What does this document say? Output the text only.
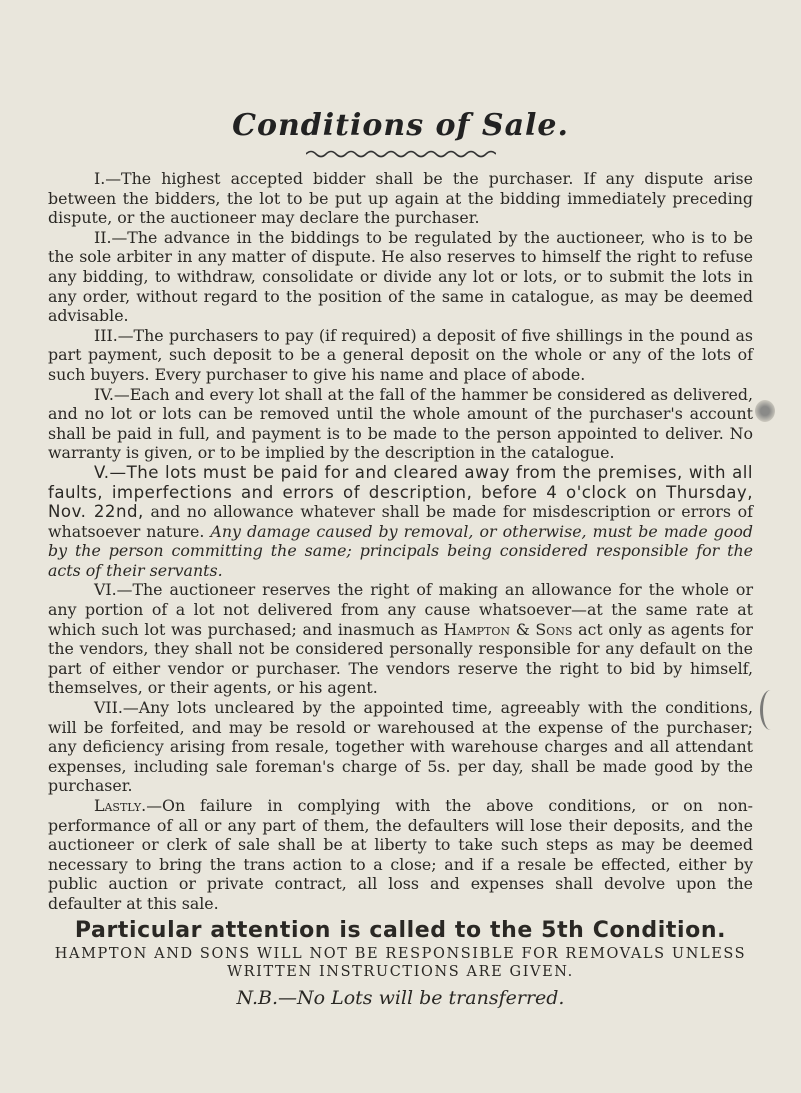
Conditions of Sale.

I.—The highest accepted bidder shall be the purchaser. If any dispute arise between the bidders, the lot to be put up again at the bidding immediately preceding dispute, or the auctioneer may declare the purchaser.

II.—The advance in the biddings to be regulated by the auctioneer, who is to be the sole arbiter in any matter of dispute. He also reserves to himself the right to refuse any bidding, to withdraw, consolidate or divide any lot or lots, or to submit the lots in any order, without regard to the position of the same in catalogue, as may be deemed advisable.

III.—The purchasers to pay (if required) a deposit of five shillings in the pound as part payment, such deposit to be a general deposit on the whole or any of the lots of such buyers. Every purchaser to give his name and place of abode.

IV.—Each and every lot shall at the fall of the hammer be considered as delivered, and no lot or lots can be removed until the whole amount of the purchaser's account shall be paid in full, and payment is to be made to the person appointed to deliver. No warranty is given, or to be implied by the description in the catalogue.

V.—The lots must be paid for and cleared away from the premises, with all faults, imperfections and errors of description, before 4 o'clock on Thursday, Nov. 22nd, and no allowance whatever shall be made for misdescription or errors of whatsoever nature. Any damage caused by removal, or otherwise, must be made good by the person committing the same; principals being considered responsible for the acts of their servants.

VI.—The auctioneer reserves the right of making an allowance for the whole or any portion of a lot not delivered from any cause whatsoever—at the same rate at which such lot was purchased; and inasmuch as Hampton & Sons act only as agents for the vendors, they shall not be considered personally responsible for any default on the part of either vendor or purchaser. The vendors reserve the right to bid by himself, themselves, or their agents, or his agent.

VII.—Any lots uncleared by the appointed time, agreeably with the conditions, will be forfeited, and may be resold or warehoused at the expense of the purchaser; any deficiency arising from resale, together with warehouse charges and all attendant expenses, including sale foreman's charge of 5s. per day, shall be made good by the purchaser.

Lastly.—On failure in complying with the above conditions, or on non-performance of all or any part of them, the defaulters will lose their deposits, and the auctioneer or clerk of sale shall be at liberty to take such steps as may be deemed necessary to bring the trans action to a close; and if a resale be effected, either by public auction or private contract, all loss and expenses shall devolve upon the defaulter at this sale.

Particular attention is called to the 5th Condition.

HAMPTON AND SONS WILL NOT BE RESPONSIBLE FOR REMOVALS UNLESS WRITTEN INSTRUCTIONS ARE GIVEN.

N.B.—No Lots will be transferred.
